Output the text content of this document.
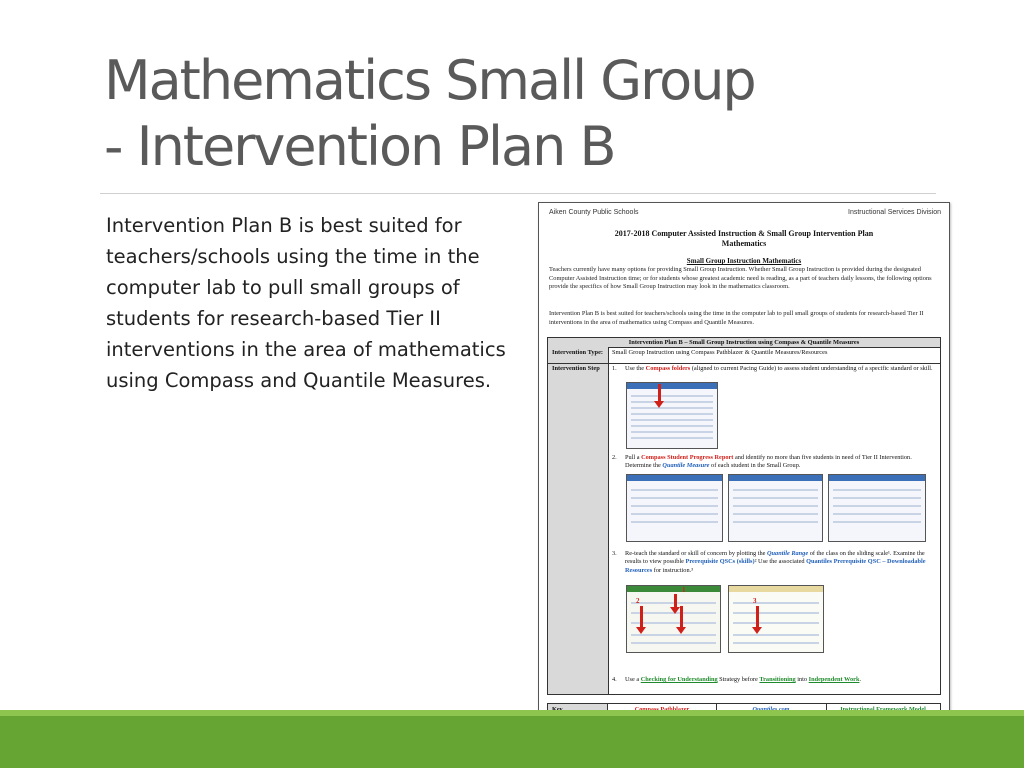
Mathematics Small Group
- Intervention Plan B
Intervention Plan B is best suited for teachers/schools using the time in the computer lab to pull small groups of students for research-based Tier II interventions in the area of mathematics using Compass and Quantile Measures.
Aiken County Public Schools	Instructional Services Division
2017-2018 Computer Assisted Instruction & Small Group Intervention Plan
Mathematics
Small Group Instruction Mathematics
Teachers currently have many options for providing Small Group Instruction. Whether Small Group Instruction is provided during the designated Computer Assisted Instruction time; or for students whose greatest academic need is reading, as a part of teachers daily lessons, the following options provide the specifics of how Small Group Instruction may look in the mathematics classroom.
Intervention Plan B is best suited for teachers/schools using the time in the computer lab to pull small groups of students for research-based Tier II interventions in the area of mathematics using Compass and Quantile Measures.
Intervention Plan B – Small Group Instruction using Compass & Quantile Measures
Intervention Type: Small Group Instruction using Compass Pathblazer & Quantile Measures/Resources
Intervention Step 1. Use the Compass folders (aligned to current Pacing Guide) to assess student understanding of a specific standard or skill.
2. Pull a Compass Student Progress Report and identify no more than five students in need of Tier II Intervention. Determine the Quantile Measure of each student in the Small Group.
3. Re-teach the standard or skill of concern by plotting the Quantile Range of the class on the sliding scale¹. Examine the results to view possible Prerequisite QSCs (skills)² Use the associated Quantiles Prerequisite QSC – Downloadable Resources for instruction.³
1
2	3
4. Use a Checking for Understanding Strategy before Transitioning into Independent Work.
